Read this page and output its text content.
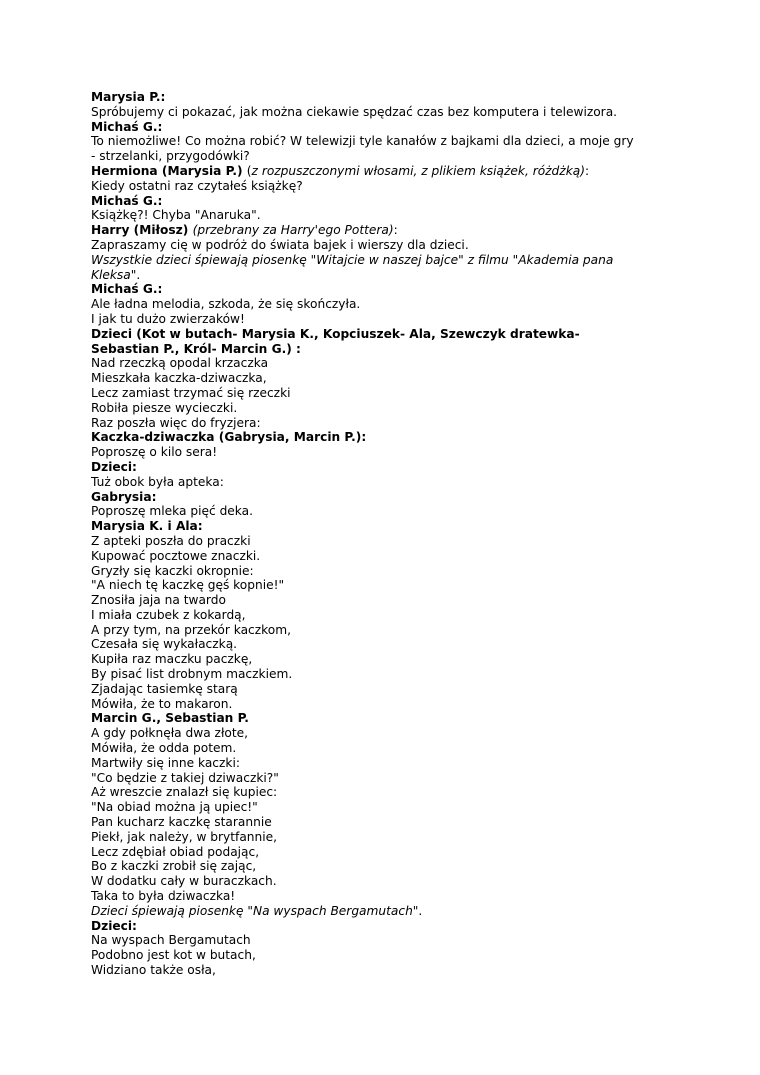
Marysia P.:
Spróbujemy ci pokazać, jak można ciekawie spędzać czas bez komputera i telewizora.
Michaś G.:
To niemożliwe! Co można robić? W telewizji tyle kanałów z bajkami dla dzieci, a moje gry
- strzelanki, przygodówki?
Hermiona (Marysia P.) (z rozpuszczonymi włosami, z plikiem książek, różdżką):
Kiedy ostatni raz czytałeś książkę?
Michaś G.:
Książkę?! Chyba "Anaruka".
Harry (Miłosz) (przebrany za Harry'ego Pottera):
Zapraszamy cię w podróż do świata bajek i wierszy dla dzieci.
Wszystkie dzieci śpiewają piosenkę "Witajcie w naszej bajce" z filmu "Akademia pana
Kleksa".
Michaś G.:
Ale ładna melodia, szkoda, że się skończyła.
I jak tu dużo zwierzaków!
Dzieci (Kot w butach- Marysia K., Kopciuszek- Ala, Szewczyk dratewka-
Sebastian P., Król- Marcin G.) :
Nad rzeczką opodal krzaczka
Mieszkała kaczka-dziwaczka,
Lecz zamiast trzymać się rzeczki
Robiła piesze wycieczki.
Raz poszła więc do fryzjera:
Kaczka-dziwaczka (Gabrysia, Marcin P.):
Poproszę o kilo sera!
Dzieci:
Tuż obok była apteka:
Gabrysia:
Poproszę mleka pięć deka.
Marysia K. i Ala:
Z apteki poszła do praczki
Kupować pocztowe znaczki.
Gryzły się kaczki okropnie:
"A niech tę kaczkę gęś kopnie!"
Znosiła jaja na twardo
I miała czubek z kokardą,
A przy tym, na przekór kaczkom,
Czesała się wykałaczką.
Kupiła raz maczku paczkę,
By pisać list drobnym maczkiem.
Zjadając tasiemkę starą
Mówiła, że to makaron.
Marcin G., Sebastian P.
A gdy połknęła dwa złote,
Mówiła, że odda potem.
Martwiły się inne kaczki:
"Co będzie z takiej dziwaczki?"
Aż wreszcie znalazł się kupiec:
"Na obiad można ją upiec!"
Pan kucharz kaczkę starannie
Piekł, jak należy, w brytfannie,
Lecz zdębiał obiad podając,
Bo z kaczki zrobił się zając,
W dodatku cały w buraczkach.
Taka to była dziwaczka!
Dzieci śpiewają piosenkę "Na wyspach Bergamutach".
Dzieci:
Na wyspach Bergamutach
Podobno jest kot w butach,
Widziano także osła,
